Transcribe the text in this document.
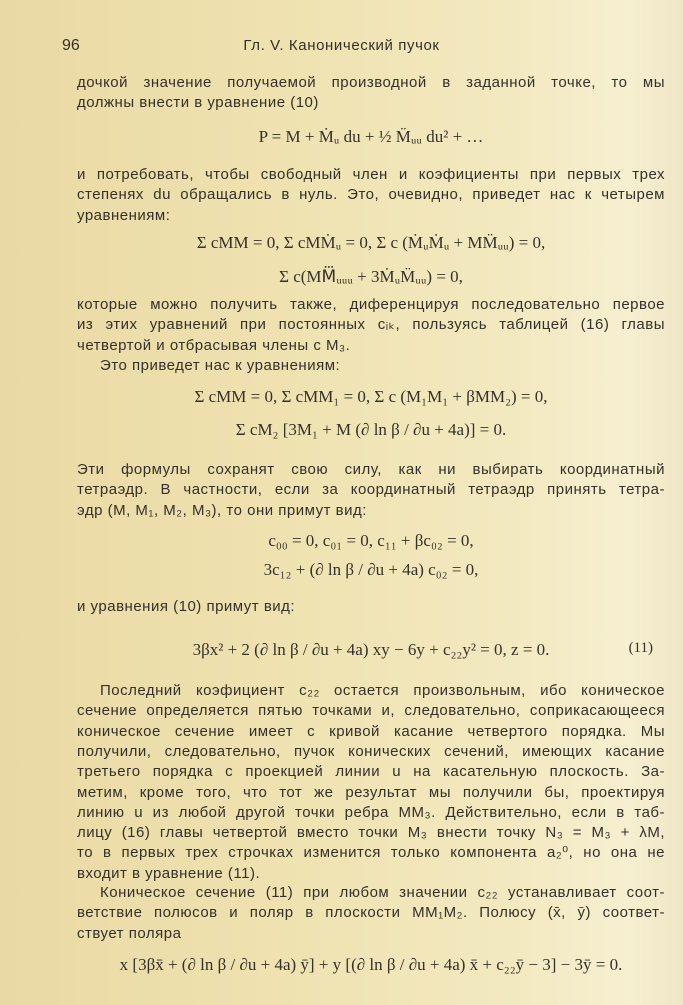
96	Гл. V. Канонический пучок
дочкой значение получаемой производной в заданной точке, то мы
должны внести в уравнение (10)
P = M + Ṁᵤ du + ½ M̈ᵤᵤ du² + …
и потребовать, чтобы свободный член и коэфициенты при первых трех
степенях du обращались в нуль. Это, очевидно, приведет нас к четырем
уравнениям:
Σ cMM = 0, Σ cMṀᵤ = 0, Σ c (ṀᵤṀᵤ + MM̈ᵤᵤ) = 0,
Σ c(MM⃛ᵤᵤᵤ + 3ṀᵤM̈ᵤᵤ) = 0,
которые можно получить также, диференцируя последовательно первое
из этих уравнений при постоянных cᵢₖ, пользуясь таблицей (16) главы
четвертой и отбрасывая члены с M₃.
Это приведет нас к уравнениям:
Σ cMM = 0, Σ cMM₁ = 0, Σ c (M₁M₁ + βMM₂) = 0,
Σ cM₂ [3M₁ + M (∂ ln β / ∂u + 4a)] = 0.
Эти формулы сохранят свою силу, как ни выбирать координатный
тетраэдр. В частности, если за координатный тетраэдр принять тетра-
эдр (M, M₁, M₂, M₃), то они примут вид:
c₀₀ = 0, c₀₁ = 0, c₁₁ + βc₀₂ = 0,
3c₁₂ + (∂ ln β / ∂u + 4a) c₀₂ = 0,
и уравнения (10) примут вид:
3βx² + 2 (∂ ln β / ∂u + 4a) xy − 6y + c₂₂y² = 0, z = 0.	(11)
Последний коэфициент c₂₂ остается произвольным, ибо коническое
сечение определяется пятью точками и, следовательно, соприкасающееся
коническое сечение имеет с кривой касание четвертого порядка. Мы
получили, следовательно, пучок конических сечений, имеющих касание
третьего порядка с проекцией линии u на касательную плоскость. За-
метим, кроме того, что тот же результат мы получили бы, проектируя
линию u из любой другой точки ребра MM₃. Действительно, если в таб-
лицу (16) главы четвертой вместо точки M₃ внести точку N₃ = M₃ + λM,
то в первых трех строчках изменится только компонента a₂⁰, но она не
входит в уравнение (11).
Коническое сечение (11) при любом значении c₂₂ устанавливает соот-
ветствие полюсов и поляр в плоскости MM₁M₂. Полюсу (x̄, ȳ) соответ-
ствует поляра
x [3βx̄ + (∂ ln β / ∂u + 4a) ȳ] + y [(∂ ln β / ∂u + 4a) x̄ + c₂₂ȳ − 3] − 3ȳ = 0.
